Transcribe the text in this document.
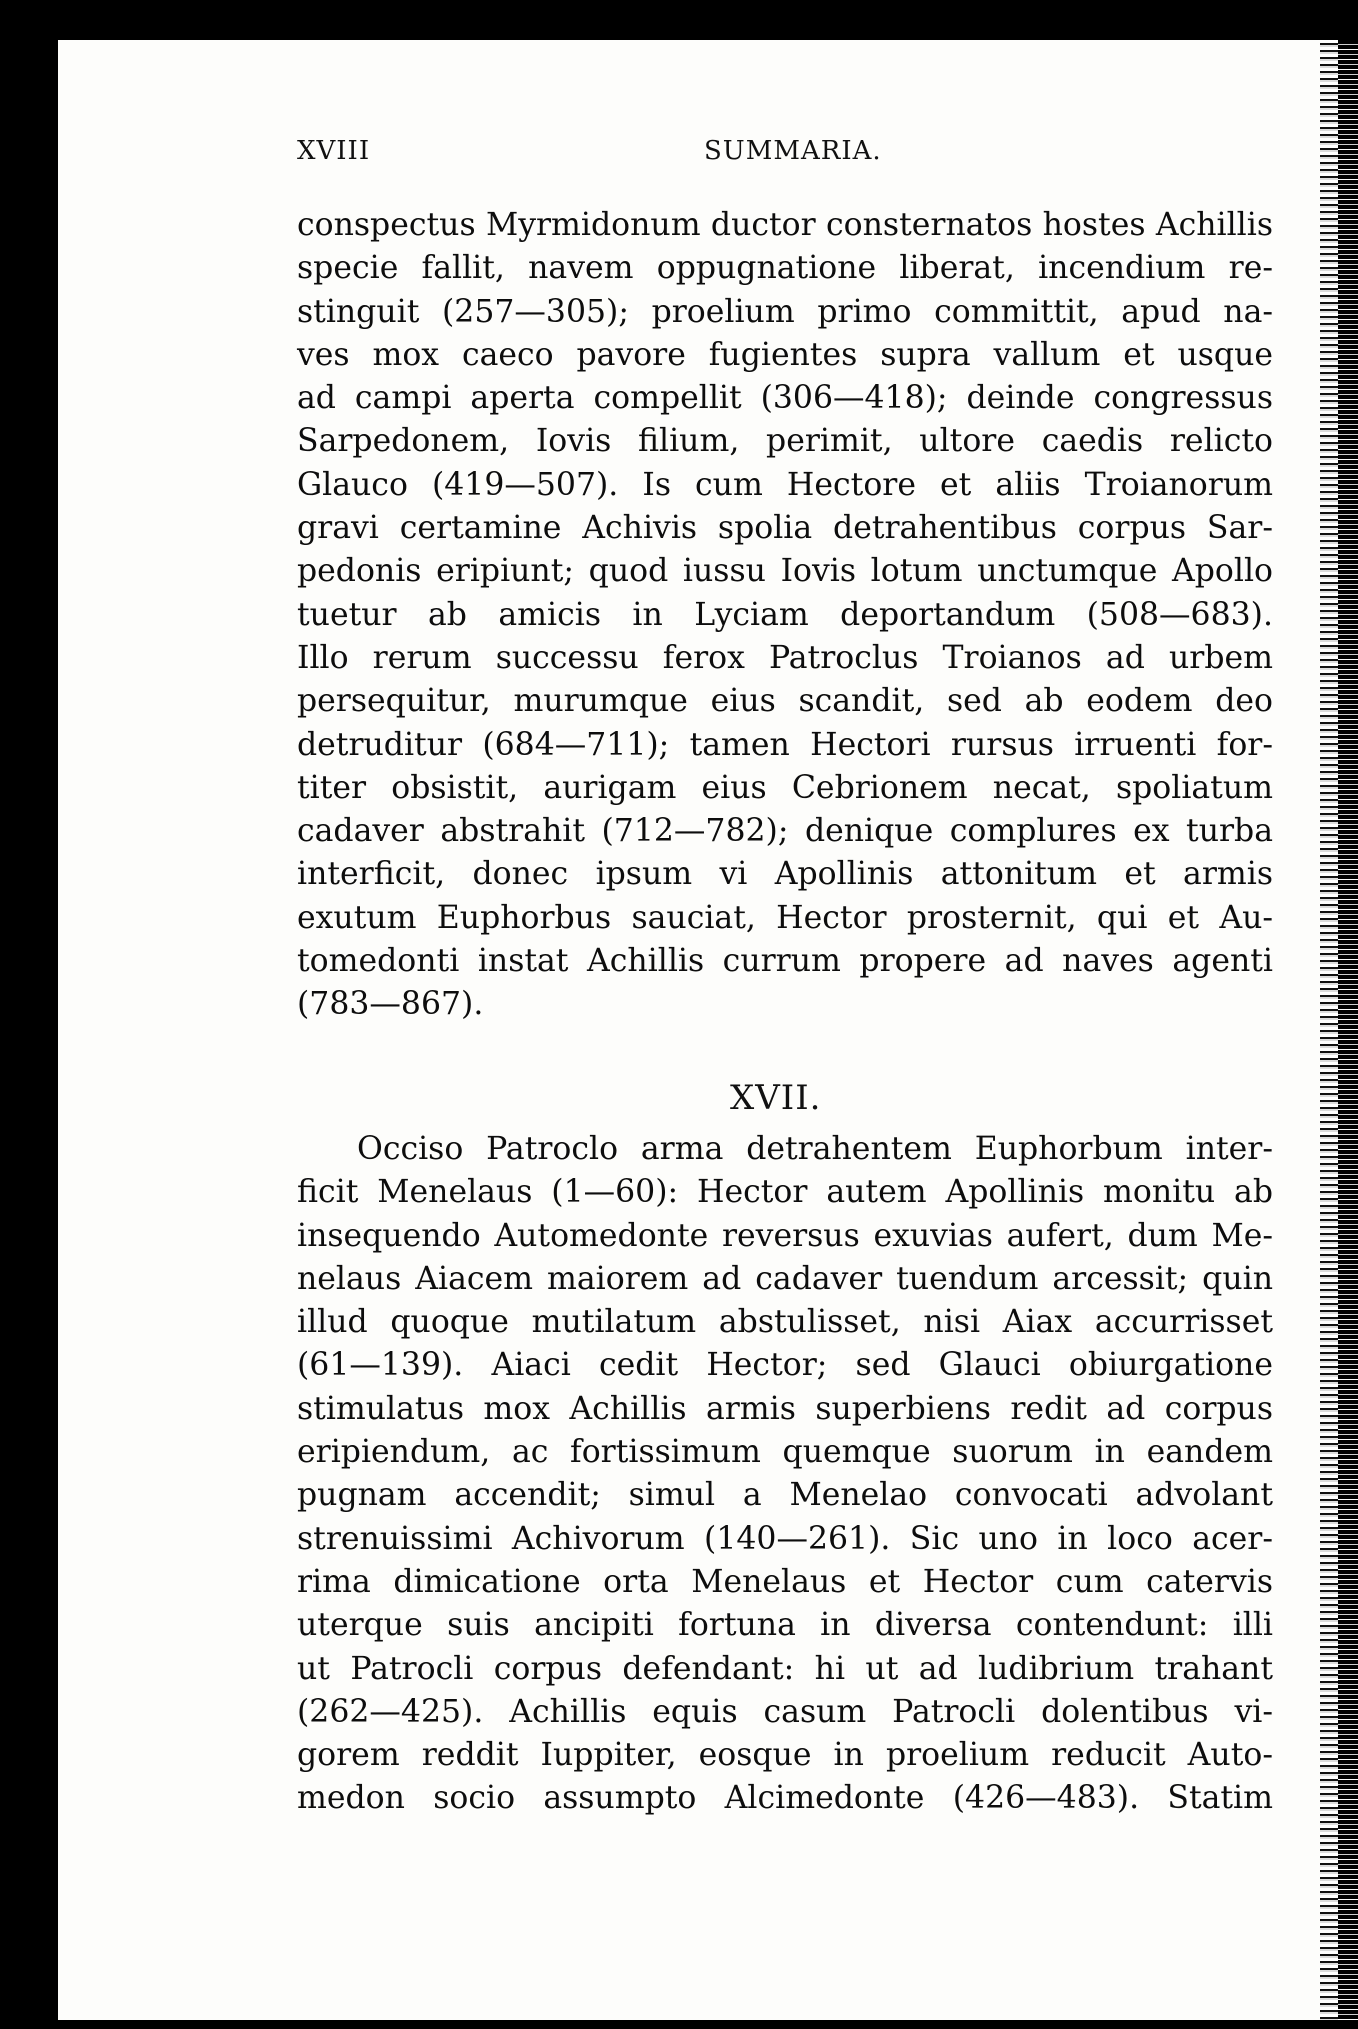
XVIII	SUMMARIA.
conspectus Myrmidonum ductor consternatos hostes Achillis
specie fallit, navem oppugnatione liberat, incendium re-
stinguit (257—305); proelium primo committit, apud na-
ves mox caeco pavore fugientes supra vallum et usque
ad campi aperta compellit (306—418); deinde congressus
Sarpedonem, Iovis filium, perimit, ultore caedis relicto
Glauco (419—507). Is cum Hectore et aliis Troianorum
gravi certamine Achivis spolia detrahentibus corpus Sar-
pedonis eripiunt; quod iussu Iovis lotum unctumque Apollo
tuetur ab amicis in Lyciam deportandum (508—683).
Illo rerum successu ferox Patroclus Troianos ad urbem
persequitur, murumque eius scandit, sed ab eodem deo
detruditur (684—711); tamen Hectori rursus irruenti for-
titer obsistit, aurigam eius Cebrionem necat, spoliatum
cadaver abstrahit (712—782); denique complures ex turba
interficit, donec ipsum vi Apollinis attonitum et armis
exutum Euphorbus sauciat, Hector prosternit, qui et Au-
tomedonti instat Achillis currum propere ad naves agenti
(783—867).
XVII.
Occiso Patroclo arma detrahentem Euphorbum inter-
ficit Menelaus (1—60): Hector autem Apollinis monitu ab
insequendo Automedonte reversus exuvias aufert, dum Me-
nelaus Aiacem maiorem ad cadaver tuendum arcessit; quin
illud quoque mutilatum abstulisset, nisi Aiax accurrisset
(61—139). Aiaci cedit Hector; sed Glauci obiurgatione
stimulatus mox Achillis armis superbiens redit ad corpus
eripiendum, ac fortissimum quemque suorum in eandem
pugnam accendit; simul a Menelao convocati advolant
strenuissimi Achivorum (140—261). Sic uno in loco acer-
rima dimicatione orta Menelaus et Hector cum catervis
uterque suis ancipiti fortuna in diversa contendunt: illi
ut Patrocli corpus defendant: hi ut ad ludibrium trahant
(262—425). Achillis equis casum Patrocli dolentibus vi-
gorem reddit Iuppiter, eosque in proelium reducit Auto-
medon socio assumpto Alcimedonte (426—483). Statim
